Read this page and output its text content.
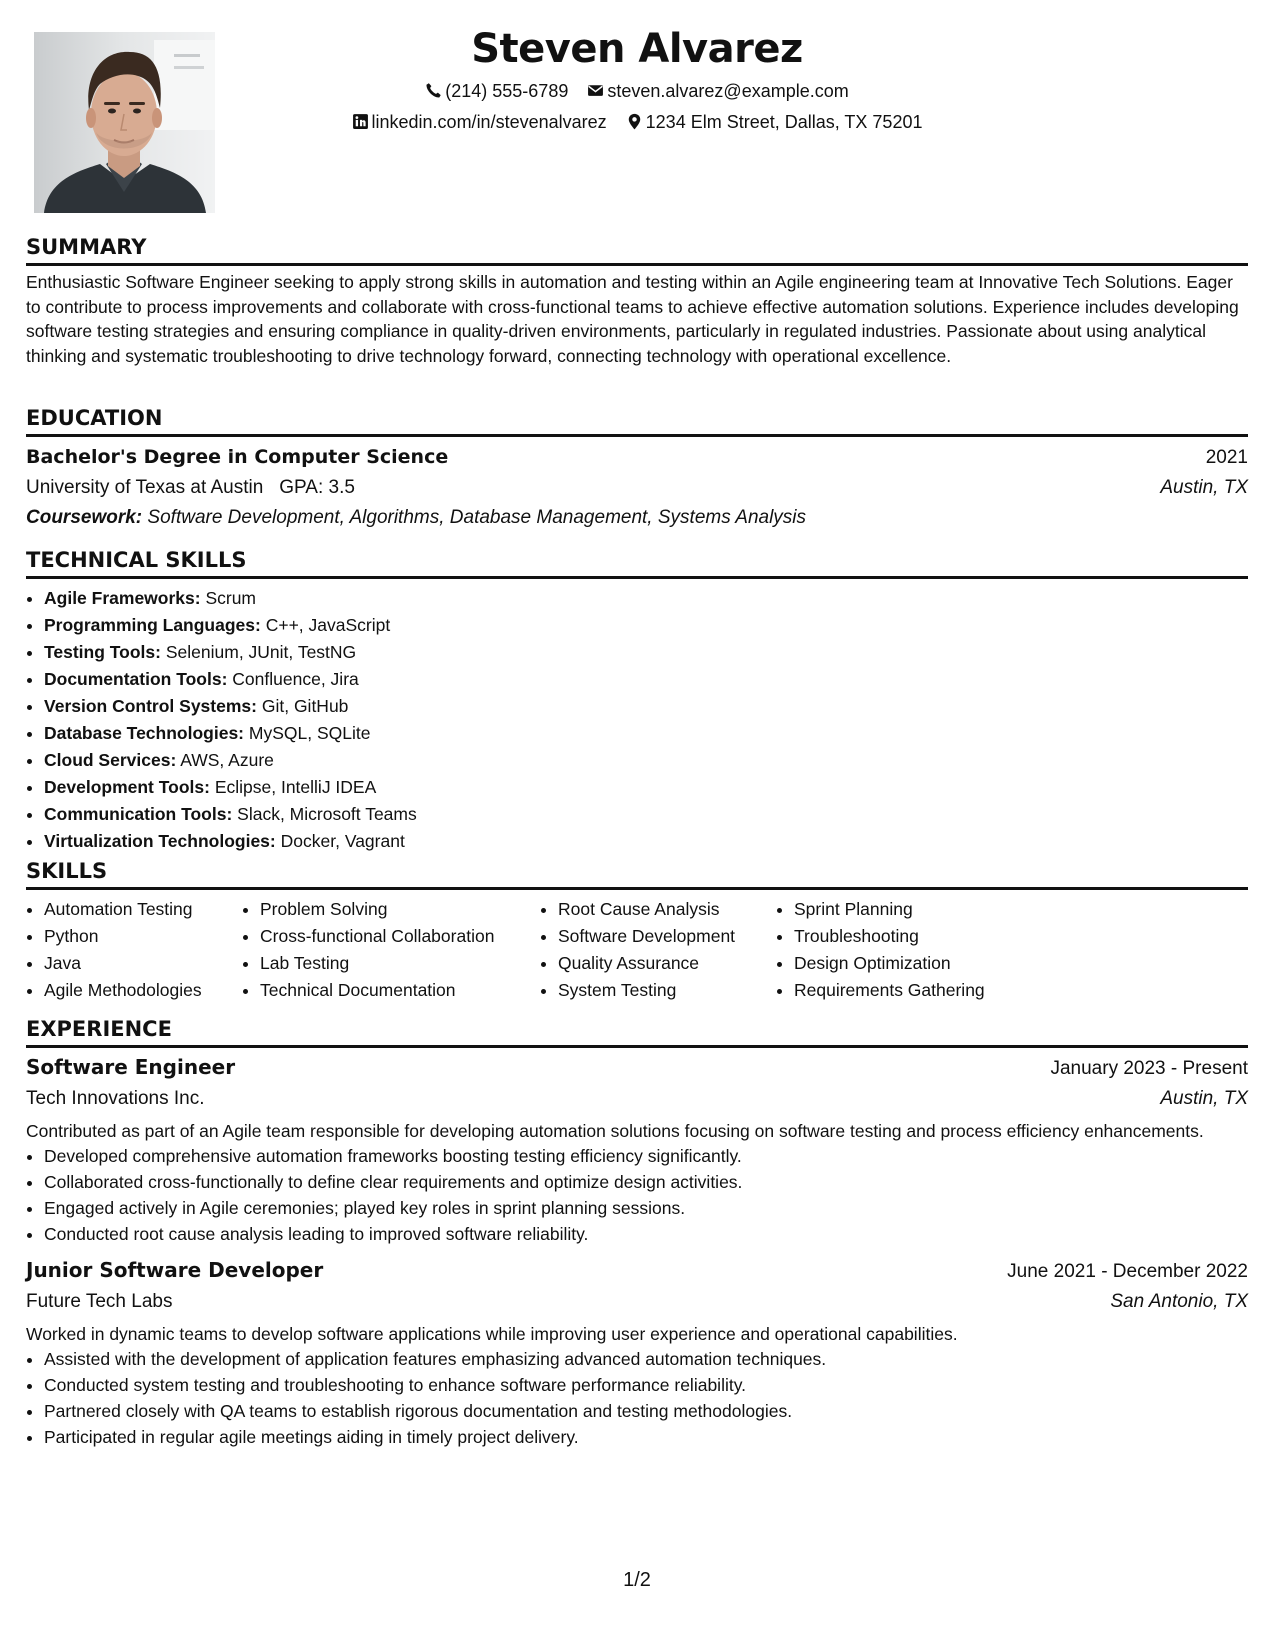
Steven Alvarez
(214) 555-6789 steven.alvarez@example.com
linkedin.com/in/stevenalvarez 1234 Elm Street, Dallas, TX 75201
SUMMARY

Enthusiastic Software Engineer seeking to apply strong skills in automation and testing within an Agile engineering team at Innovative Tech Solutions. Eager to contribute to process improvements and collaborate with cross-functional teams to achieve effective automation solutions. Experience includes developing software testing strategies and ensuring compliance in quality-driven environments, particularly in regulated industries. Passionate about using analytical thinking and systematic troubleshooting to drive technology forward, connecting technology with operational excellence.

EDUCATION
Bachelor's Degree in Computer Science	2021
University of Texas at Austin GPA: 3.5	Austin, TX
Coursework: Software Development, Algorithms, Database Management, Systems Analysis
TECHNICAL SKILLS
• Agile Frameworks: Scrum
• Programming Languages: C++, JavaScript
• Testing Tools: Selenium, JUnit, TestNG
• Documentation Tools: Confluence, Jira
• Version Control Systems: Git, GitHub
• Database Technologies: MySQL, SQLite
• Cloud Services: AWS, Azure
• Development Tools: Eclipse, IntelliJ IDEA
• Communication Tools: Slack, Microsoft Teams
• Virtualization Technologies: Docker, Vagrant
SKILLS
• Automation Testing
• Python
• Java
• Agile Methodologies
• Problem Solving
• Cross-functional Collaboration
• Lab Testing
• Technical Documentation
• Root Cause Analysis
• Software Development
• Quality Assurance
• System Testing
• Sprint Planning
• Troubleshooting
• Design Optimization
• Requirements Gathering
EXPERIENCE
Software Engineer	January 2023 - Present
Tech Innovations Inc.	Austin, TX

Contributed as part of an Agile team responsible for developing automation solutions focusing on software testing and process efficiency enhancements.

• Developed comprehensive automation frameworks boosting testing efficiency significantly.
• Collaborated cross-functionally to define clear requirements and optimize design activities.
• Engaged actively in Agile ceremonies; played key roles in sprint planning sessions.
• Conducted root cause analysis leading to improved software reliability.
Junior Software Developer	June 2021 - December 2022
Future Tech Labs	San Antonio, TX

Worked in dynamic teams to develop software applications while improving user experience and operational capabilities.

• Assisted with the development of application features emphasizing advanced automation techniques.
• Conducted system testing and troubleshooting to enhance software performance reliability.
• Partnered closely with QA teams to establish rigorous documentation and testing methodologies.
• Participated in regular agile meetings aiding in timely project delivery.
1/2
